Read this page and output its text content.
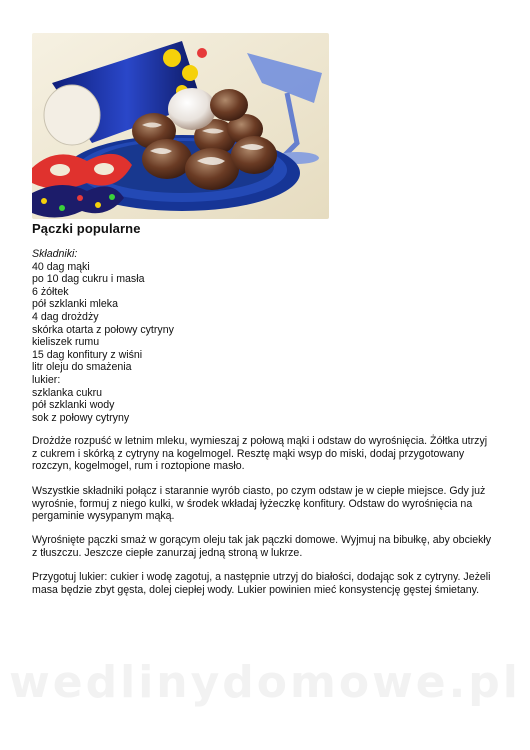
Pączki popularne
Składniki:
40 dag mąki
po 10 dag cukru i masła
6 żółtek
pół szklanki mleka
4 dag drożdży
skórka otarta z połowy cytryny
kieliszek rumu
15 dag konfitury z wiśni
litr oleju do smażenia
lukier:
szklanka cukru
pół szklanki wody
sok z połowy cytryny

Drożdże rozpuść w letnim mleku, wymieszaj z połową mąki i odstaw do wyrośnięcia. Żółtka utrzyj z cukrem i skórką z cytryny na kogelmogel. Resztę mąki wsyp do miski, dodaj przygotowany rozczyn, kogelmogel, rum i roztopione masło.

Wszystkie składniki połącz i starannie wyrób ciasto, po czym odstaw je w ciepłe miejsce. Gdy już wyrośnie, formuj z niego kulki, w środek wkładaj łyżeczkę konfitury. Odstaw do wyrośnięcia na pergaminie wysypanym mąką.

Wyrośnięte pączki smaż w gorącym oleju tak jak pączki domowe. Wyjmuj na bibułkę, aby obciekły z tłuszczu. Jeszcze ciepłe zanurzaj jedną stroną w lukrze.

Przygotuj lukier: cukier i wodę zagotuj, a następnie utrzyj do białości, dodając sok z cytryny. Jeżeli masa będzie zbyt gęsta, dolej ciepłej wody. Lukier powinien mieć konsystencję gęstej śmietany.

wedlinydomowe.pl
